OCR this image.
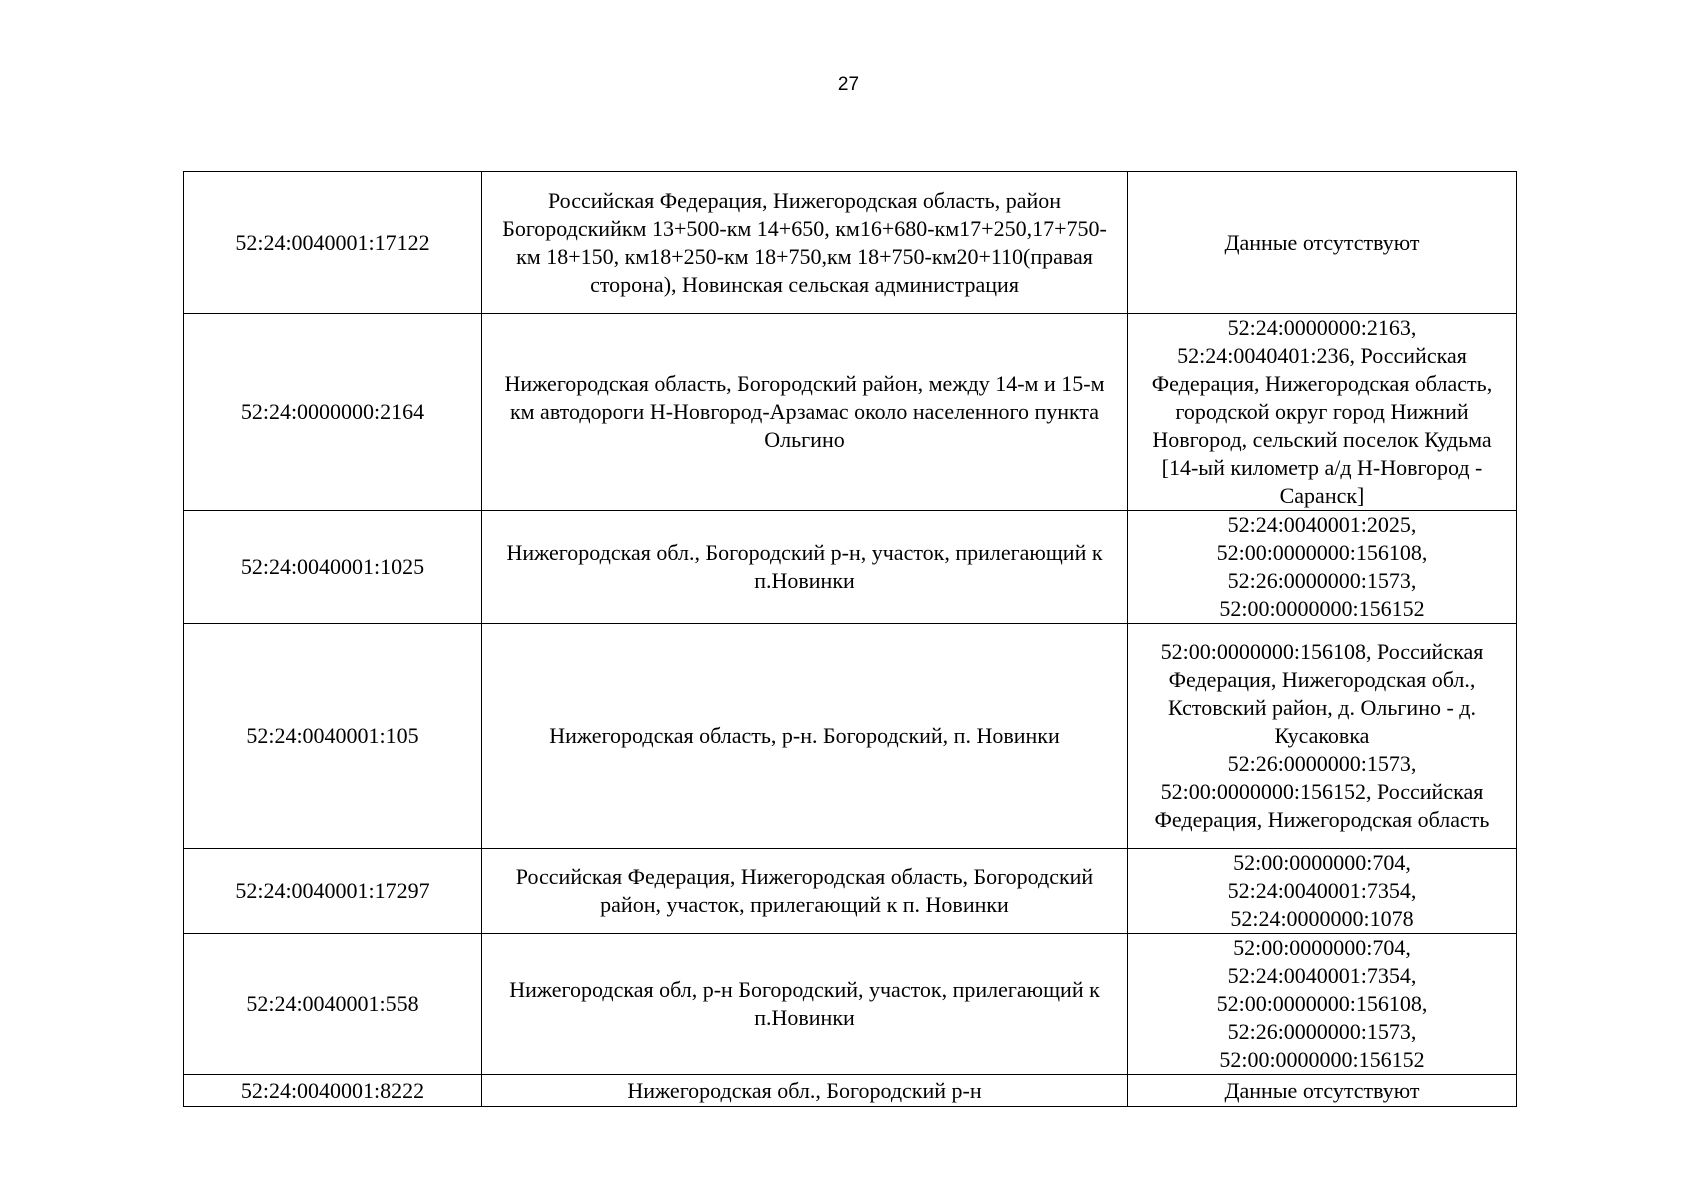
27
52:24:0040001:17122	Российская Федерация, Нижегородская область, район Богородскийкм 13+500-км 14+650, км16+680-км17+250,17+750-км 18+150, км18+250-км 18+750,км 18+750-км20+110(правая сторона), Новинская сельская администрация	Данные отсутствуют

52:24:0000000:2164	Нижегородская область, Богородский район, между 14-м и 15-м км автодороги Н-Новгород-Арзамас около населенного пункта Ольгино	52:24:0000000:2163, 52:24:0040401:236, Российская Федерация, Нижегородская область, городской округ город Нижний Новгород, сельский поселок Кудьма [14-ый километр а/д Н-Новгород - Саранск]

52:24:0040001:1025	Нижегородская обл., Богородский р-н, участок, прилегающий к п.Новинки	52:24:0040001:2025,
52:00:0000000:156108,
52:26:0000000:1573,
52:00:0000000:156152

52:24:0040001:105	Нижегородская область, р-н. Богородский, п. Новинки	52:00:0000000:156108, Российская Федерация, Нижегородская обл., Кстовский район, д. Ольгино - д. Кусаковка
52:26:0000000:1573,
52:00:0000000:156152, Российская Федерация, Нижегородская область

52:24:0040001:17297	Российская Федерация, Нижегородская область, Богородский район, участок, прилегающий к п. Новинки	52:00:0000000:704,
52:24:0040001:7354,
52:24:0000000:1078

52:24:0040001:558	Нижегородская обл, р-н Богородский, участок, прилегающий к п.Новинки	52:00:0000000:704,
52:24:0040001:7354,
52:00:0000000:156108,
52:26:0000000:1573,
52:00:0000000:156152

52:24:0040001:8222	Нижегородская обл., Богородский р-н	Данные отсутствуют
